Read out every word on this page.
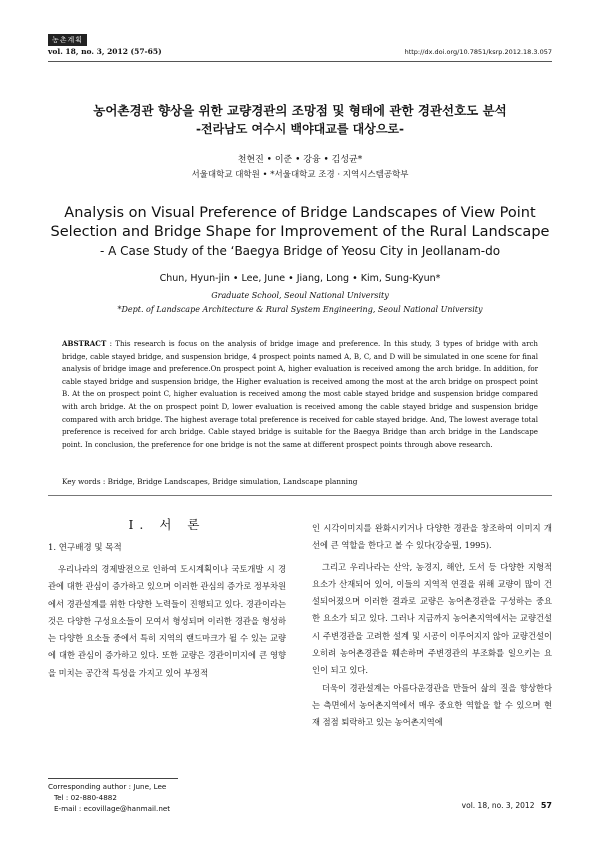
농촌계획
vol. 18, no. 3, 2012 (57-65)	http://dx.doi.org/10.7851/ksrp.2012.18.3.057
농어촌경관 향상을 위한 교량경관의 조망점 및 형태에 관한 경관선호도 분석
-전라남도 여수시 백야대교를 대상으로-
천현진 • 이준 • 강융 • 김성균*
서울대학교 대학원 • *서울대학교 조경 · 지역시스템공학부
Analysis on Visual Preference of Bridge Landscapes of View Point
Selection and Bridge Shape for Improvement of the Rural Landscape
- A Case Study of the ‘Baegya Bridge of Yeosu City in Jeollanam-do
Chun, Hyun-jin • Lee, June • Jiang, Long • Kim, Sung-Kyun*
Graduate School, Seoul National University
*Dept. of Landscape Architecture & Rural System Engineering, Seoul National University
ABSTRACT : This research is focus on the analysis of bridge image and preference. In this study, 3 types of bridge with arch bridge, cable stayed bridge, and suspension bridge, 4 prospect points named A, B, C, and D will be simulated in one scene for final analysis of bridge image and preference.On prospect point A, higher evaluation is received among the arch bridge. In addition, for cable stayed bridge and suspension bridge, the Higher evaluation is received among the most at the arch bridge on prospect point B. At the on prospect point C, higher evaluation is received among the most cable stayed bridge and suspension bridge compared with arch bridge. At the on prospect point D, lower evaluation is received among the cable stayed bridge and suspension bridge compared with arch bridge. The highest average total preference is received for cable stayed bridge. And, The lowest average total preference is received for arch bridge. Cable stayed bridge is suitable for the Baegya Bridge than arch bridge in the Landscape point. In conclusion, the preference for one bridge is not the same at different prospect points through above research.
Key words : Bridge, Bridge Landscapes, Bridge simulation, Landscape planning
Ⅰ. 서 론
1. 연구배경 및 목적

우리나라의 경제발전으로 인하여 도시계획이나 국토개발 시 경관에 대한 관심이 증가하고 있으며 이러한 관심의 증가로 정부차원에서 경관설계를 위한 다양한 노력들이 진행되고 있다. 경관이라는 것은 다양한 구성요소들이 모여서 형성되며 이러한 경관을 형성하는 다양한 요소들 중에서 특히 지역의 랜드마크가 될 수 있는 교량에 대한 관심이 증가하고 있다. 또한 교량은 경관이미지에 큰 영향을 미치는 공간적 특성을 가지고 있어 부정적

인 시각이미지를 완화시키거나 다양한 경관을 창조하여 이미지 개선에 큰 역할을 한다고 볼 수 있다(강승필, 1995).

그리고 우리나라는 산악, 농경지, 해안, 도서 등 다양한 지형적 요소가 산재되어 있어, 이들의 지역적 연결을 위해 교량이 많이 건설되어졌으며 이러한 결과로 교량은 농어촌경관을 구성하는 중요한 요소가 되고 있다. 그러나 지금까지 농어촌지역에서는 교량건설 시 주변경관을 고려한 설계 및 시공이 이루어지지 않아 교량건설이 오히려 농어촌경관을 훼손하며 주변경관의 부조화를 일으키는 요인이 되고 있다.

더욱이 경관설계는 아름다운경관을 만들어 삶의 질을 향상한다는 측면에서 농어촌지역에서 매우 중요한 역할을 할 수 있으며 현재 점점 퇴락하고 있는 농어촌지역에

Corresponding author : June, Lee
Tel : 02-880-4882
E-mail : ecovillage@hanmail.net	vol. 18, no. 3, 2012 57
